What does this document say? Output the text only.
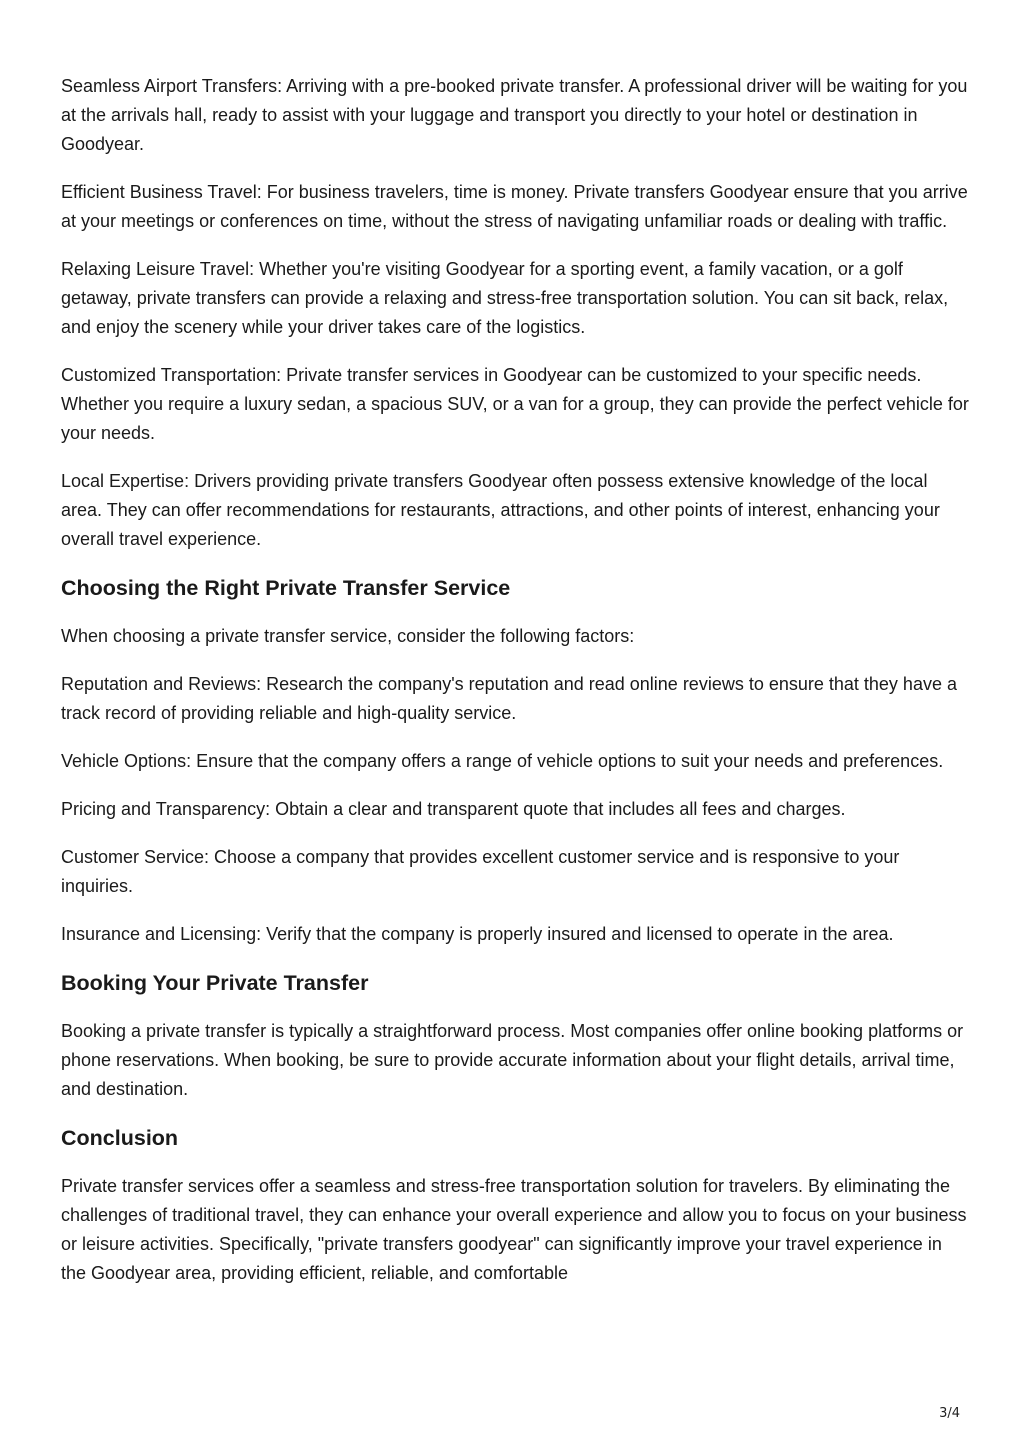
Seamless Airport Transfers: Arriving with a pre-booked private transfer. A professional driver will be waiting for you at the arrivals hall, ready to assist with your luggage and transport you directly to your hotel or destination in Goodyear.

Efficient Business Travel: For business travelers, time is money. Private transfers Goodyear ensure that you arrive at your meetings or conferences on time, without the stress of navigating unfamiliar roads or dealing with traffic.

Relaxing Leisure Travel: Whether you're visiting Goodyear for a sporting event, a family vacation, or a golf getaway, private transfers can provide a relaxing and stress-free transportation solution. You can sit back, relax, and enjoy the scenery while your driver takes care of the logistics.

Customized Transportation: Private transfer services in Goodyear can be customized to your specific needs. Whether you require a luxury sedan, a spacious SUV, or a van for a group, they can provide the perfect vehicle for your needs.

Local Expertise: Drivers providing private transfers Goodyear often possess extensive knowledge of the local area. They can offer recommendations for restaurants, attractions, and other points of interest, enhancing your overall travel experience.

Choosing the Right Private Transfer Service

When choosing a private transfer service, consider the following factors:

Reputation and Reviews: Research the company's reputation and read online reviews to ensure that they have a track record of providing reliable and high-quality service.

Vehicle Options: Ensure that the company offers a range of vehicle options to suit your needs and preferences.

Pricing and Transparency: Obtain a clear and transparent quote that includes all fees and charges.

Customer Service: Choose a company that provides excellent customer service and is responsive to your inquiries.

Insurance and Licensing: Verify that the company is properly insured and licensed to operate in the area.

Booking Your Private Transfer

Booking a private transfer is typically a straightforward process. Most companies offer online booking platforms or phone reservations. When booking, be sure to provide accurate information about your flight details, arrival time, and destination.

Conclusion

Private transfer services offer a seamless and stress-free transportation solution for travelers. By eliminating the challenges of traditional travel, they can enhance your overall experience and allow you to focus on your business or leisure activities. Specifically, "private transfers goodyear" can significantly improve your travel experience in the Goodyear area, providing efficient, reliable, and comfortable

3/4
